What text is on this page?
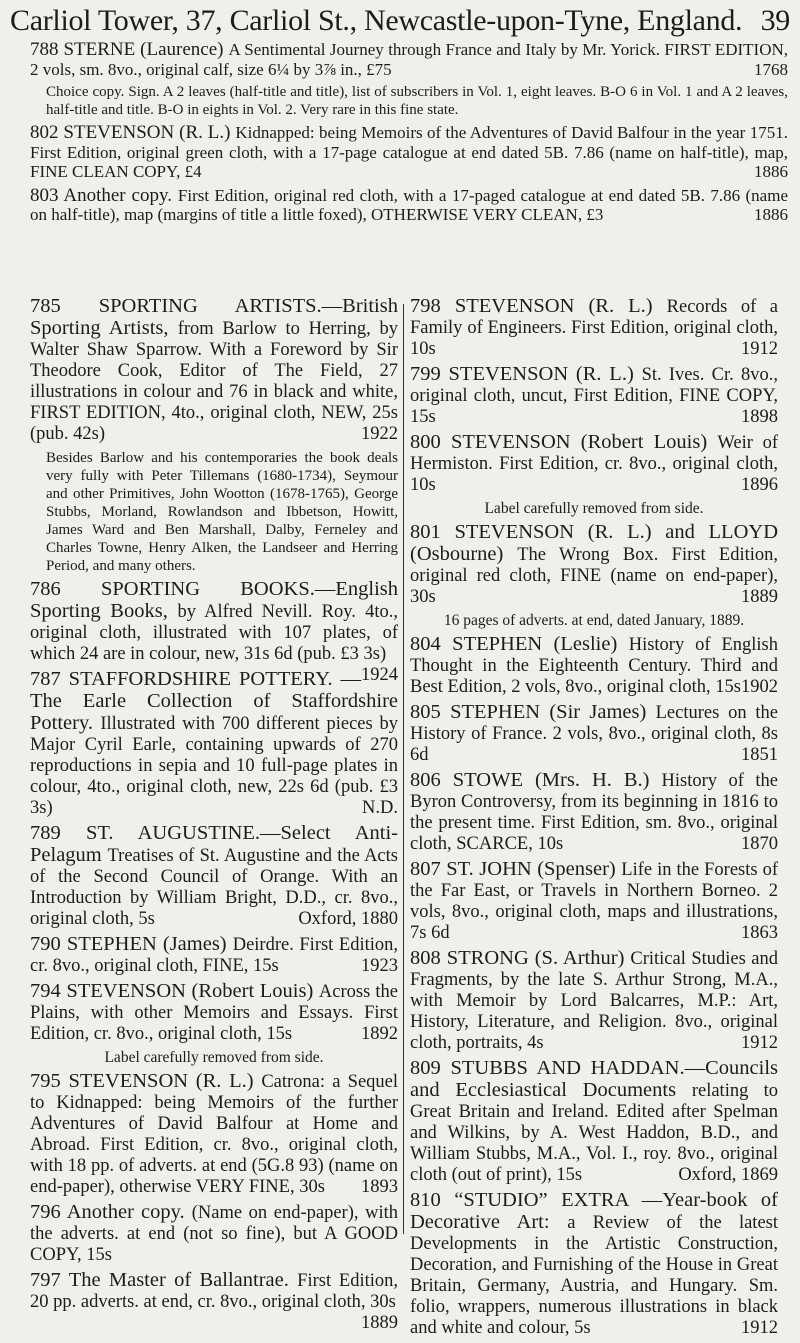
Carliol Tower, 37, Carliol St., Newcastle-upon-Tyne, England. 39
788 STERNE (Laurence) A Sentimental Journey through France and Italy by Mr. Yorick. FIRST EDITION, 2 vols, sm. 8vo., original calf, size 6¼ by 3⅞ in., £75	1768
Choice copy. Sign. A 2 leaves (half-title and title), list of subscribers in Vol. 1, eight leaves. B-O 6 in Vol. 1 and A 2 leaves, half-title and title. B-O in eights in Vol. 2. Very rare in this fine state.
802 STEVENSON (R. L.) Kidnapped: being Memoirs of the Adventures of David Balfour in the year 1751. First Edition, original green cloth, with a 17-page catalogue at end dated 5B. 7.86 (name on half-title), map, FINE CLEAN COPY, £4	1886
803 Another copy. First Edition, original red cloth, with a 17-paged catalogue at end dated 5B. 7.86 (name on half-title), map (margins of title a little foxed), OTHERWISE VERY CLEAN, £3	1886
785 SPORTING ARTISTS.—British Sporting Artists, from Barlow to Herring, by Walter Shaw Sparrow. With a Foreword by Sir Theodore Cook, Editor of The Field, 27 illustrations in colour and 76 in black and white, FIRST EDITION, 4to., original cloth, NEW, 25s (pub. 42s)	1922
Besides Barlow and his contemporaries the book deals very fully with Peter Tillemans (1680-1734), Seymour and other Primitives, John Wootton (1678-1765), George Stubbs, Morland, Rowlandson and Ibbetson, Howitt, James Ward and Ben Marshall, Dalby, Ferneley and Charles Towne, Henry Alken, the Landseer and Herring Period, and many others.
786 SPORTING BOOKS.—English Sporting Books, by Alfred Nevill. Roy. 4to., original cloth, illustrated with 107 plates, of which 24 are in colour, new, 31s 6d (pub. £3 3s)
1924
787 STAFFORDSHIRE POTTERY. — The Earle Collection of Staffordshire Pottery. Illustrated with 700 different pieces by Major Cyril Earle, containing upwards of 270 reproductions in sepia and 10 full-page plates in colour, 4to., original cloth, new, 22s 6d (pub. £3 3s)	N.D.
789 ST. AUGUSTINE.—Select Anti-Pelagum Treatises of St. Augustine and the Acts of the Second Council of Orange. With an Introduction by William Bright, D.D., cr. 8vo., original cloth, 5s	Oxford, 1880
790 STEPHEN (James) Deirdre. First Edition, cr. 8vo., original cloth, FINE, 15s	1923
794 STEVENSON (Robert Louis) Across the Plains, with other Memoirs and Essays. First Edition, cr. 8vo., original cloth, 15s	1892
Label carefully removed from side.
795 STEVENSON (R. L.) Catrona: a Sequel to Kidnapped: being Memoirs of the further Adventures of David Balfour at Home and Abroad. First Edition, cr. 8vo., original cloth, with 18 pp. of adverts. at end (5G.8 93) (name on end-paper), otherwise VERY FINE, 30s 1893
796 Another copy. (Name on end-paper), with the adverts. at end (not so fine), but A GOOD COPY, 15s
797 The Master of Ballantrae. First Edition, 20 pp. adverts. at end, cr. 8vo., original cloth, 30s
1889
798 STEVENSON (R. L.) Records of a Family of Engineers. First Edition, original cloth, 10s	1912
799 STEVENSON (R. L.) St. Ives. Cr. 8vo., original cloth, uncut, First Edition, FINE COPY, 15s	1898
800 STEVENSON (Robert Louis) Weir of Hermiston. First Edition, cr. 8vo., original cloth, 10s	1896
Label carefully removed from side.
801 STEVENSON (R. L.) and LLOYD (Osbourne) The Wrong Box. First Edition, original red cloth, FINE (name on end-paper), 30s	1889
16 pages of adverts. at end, dated January, 1889.
804 STEPHEN (Leslie) History of English Thought in the Eighteenth Century. Third and Best Edition, 2 vols, 8vo., original cloth, 15s 1902
805 STEPHEN (Sir James) Lectures on the History of France. 2 vols, 8vo., original cloth, 8s 6d	1851
806 STOWE (Mrs. H. B.) History of the Byron Controversy, from its beginning in 1816 to the present time. First Edition, sm. 8vo., original cloth, SCARCE, 10s	1870
807 ST. JOHN (Spenser) Life in the Forests of the Far East, or Travels in Northern Borneo. 2 vols, 8vo., original cloth, maps and illustrations, 7s 6d	1863
808 STRONG (S. Arthur) Critical Studies and Fragments, by the late S. Arthur Strong, M.A., with Memoir by Lord Balcarres, M.P.: Art, History, Literature, and Religion. 8vo., original cloth, portraits, 4s	1912
809 STUBBS AND HADDAN.—Councils and Ecclesiastical Documents relating to Great Britain and Ireland. Edited after Spelman and Wilkins, by A. West Haddon, B.D., and William Stubbs, M.A., Vol. I., roy. 8vo., original cloth (out of print), 15s	Oxford, 1869
810 “STUDIO” EXTRA —Year-book of Decorative Art: a Review of the latest Developments in the Artistic Construction, Decoration, and Furnishing of the House in Great Britain, Germany, Austria, and Hungary. Sm. folio, wrappers, numerous illustrations in black and white and colour, 5s	1912
